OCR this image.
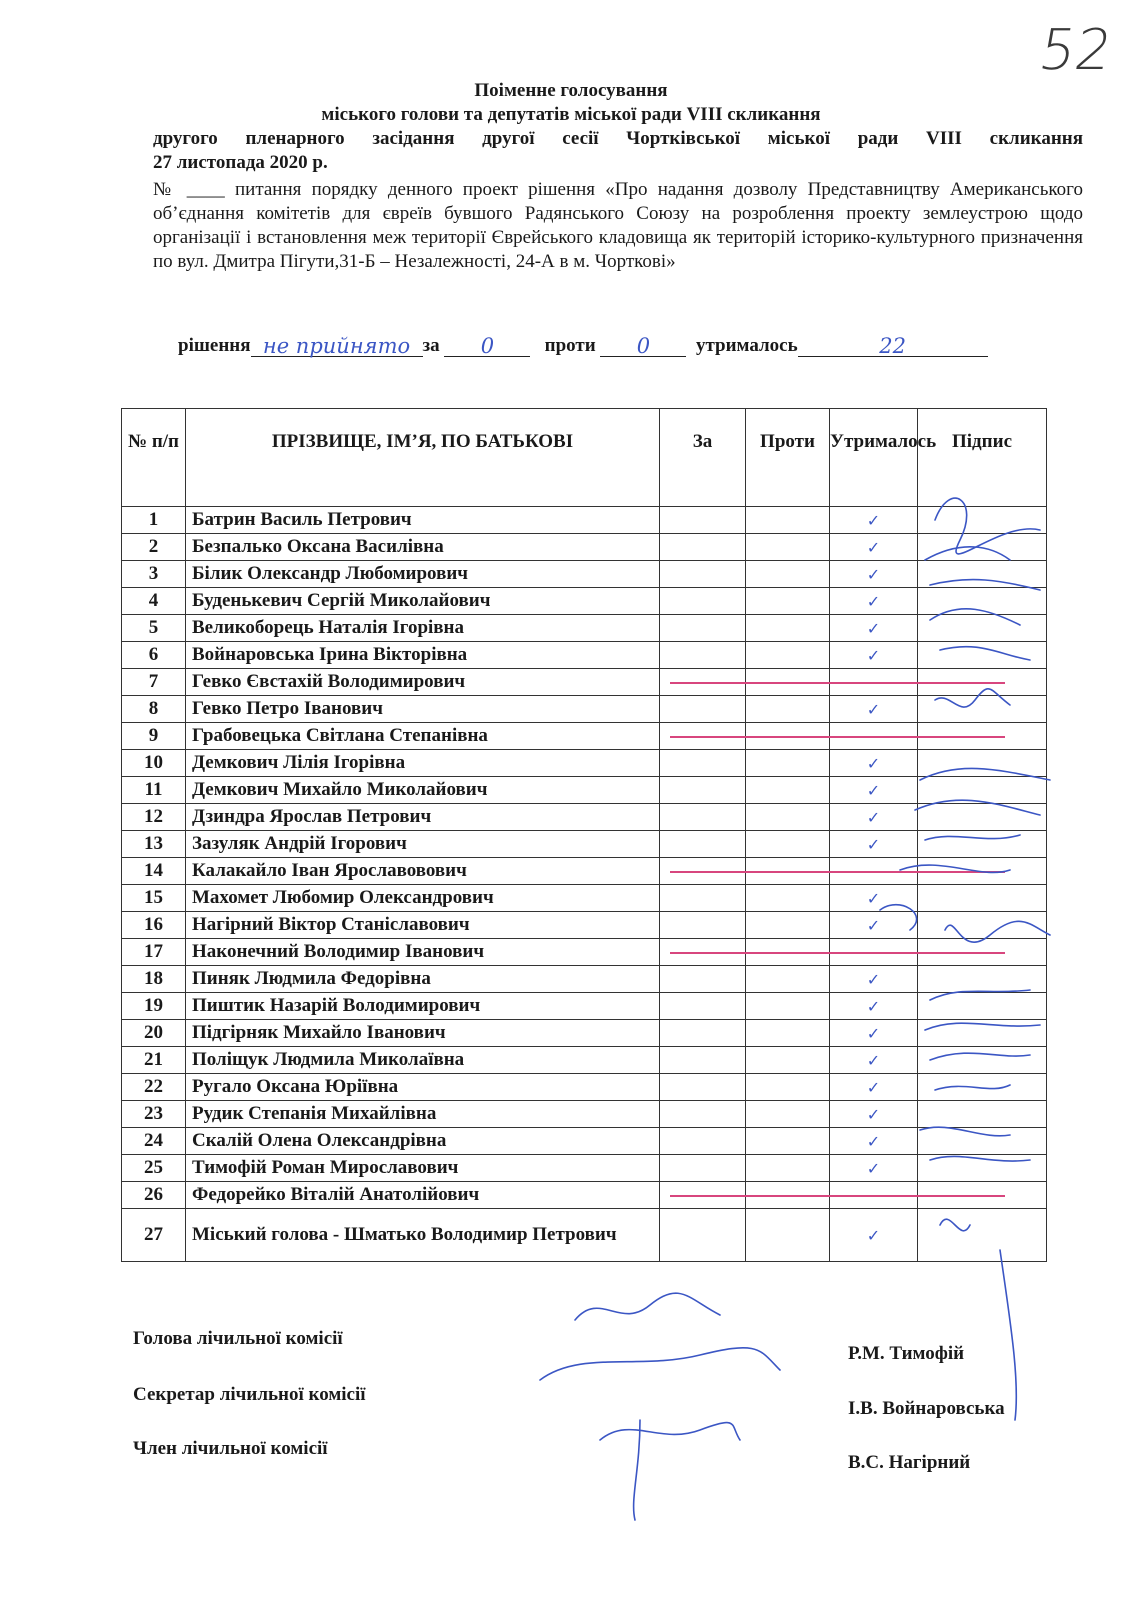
52
Поіменне голосування
міського голови та депутатів міської ради VIII скликання
другого пленарного засідання другої сесії Чортківської міської ради VIII скликання
27 листопада 2020 р.
№ ____ питання порядку денного проект рішення «Про надання дозволу Представництву Американського об’єднання комітетів для євреїв бувшого Радянського Союзу на розроблення проекту землеустрою щодо організації і встановлення меж території Єврейського кладовища як територій історико-культурного призначення по вул. Дмитра Пігути,31-Б – Незалежності, 24-А в м. Чорткові»
рішення не прийнято за 0	проти 0 утрималось	22
№ п/п	ПРІЗВИЩЕ, ІМ’Я, ПО БАТЬКОВІ	За	Проти	Утрималось	Підпис
1	Батрин Василь Петрович			✓	
2	Безпалько Оксана Василівна			✓	
3	Білик Олександр Любомирович			✓	
4	Буденькевич Сергій Миколайович			✓	
5	Великоборець Наталія Ігорівна			✓	
6	Войнаровська Ірина Вікторівна			✓	
7	Гевко Євстахій Володимирович				
8	Гевко Петро Іванович			✓	
9	Грабовецька Світлана Степанівна				
10	Демкович Лілія Ігорівна			✓	
11	Демкович Михайло Миколайович			✓	
12	Дзиндра Ярослав Петрович			✓	
13	Зазуляк Андрій Ігорович			✓	
14	Калакайло Іван Ярославовович				
15	Махомет Любомир Олександрович			✓	
16	Нагірний Віктор Станіславович			✓	
17	Наконечний Володимир Іванович				
18	Пиняк Людмила Федорівна			✓	
19	Пиштик Назарій Володимирович			✓	
20	Підгірняк Михайло Іванович			✓	
21	Поліщук Людмила Миколаївна			✓	
22	Ругало Оксана Юріївна			✓	
23	Рудик Степанія Михайлівна			✓	
24	Скалій Олена Олександрівна			✓	
25	Тимофій Роман Мирославович			✓	
26	Федорейко Віталій Анатолійович				
27	Міський голова - Шматько Володимир Петрович			✓	
Голова лічильної комісії
Р.М. Тимофій
Секретар лічильної комісії
І.В. Войнаровська
Член лічильної комісії
В.С. Нагірний
